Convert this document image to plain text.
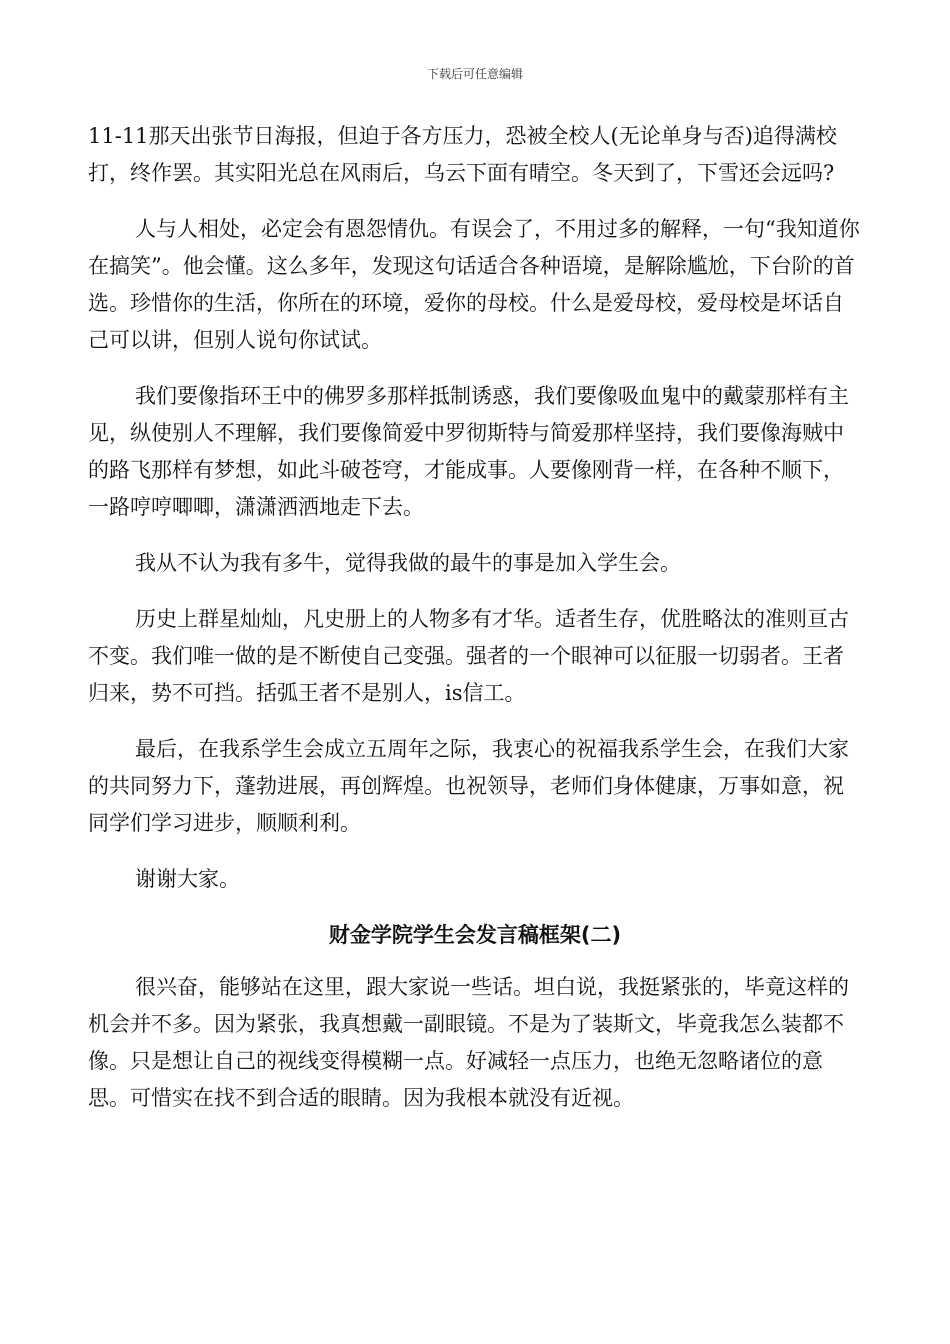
下载后可任意编辑

11-11那天出张节日海报，但迫于各方压力，恐被全校人(无论单身与否)追得满校打，终作罢。其实阳光总在风雨后，乌云下面有晴空。冬天到了，下雪还会远吗?

人与人相处，必定会有恩怨情仇。有误会了，不用过多的解释，一句“我知道你在搞笑”。他会懂。这么多年，发现这句话适合各种语境，是解除尴尬，下台阶的首选。珍惜你的生活，你所在的环境，爱你的母校。什么是爱母校，爱母校是坏话自己可以讲，但别人说句你试试。

我们要像指环王中的佛罗多那样抵制诱惑，我们要像吸血鬼中的戴蒙那样有主见，纵使别人不理解，我们要像简爱中罗彻斯特与简爱那样坚持，我们要像海贼中的路飞那样有梦想，如此斗破苍穹，才能成事。人要像刚背一样，在各种不顺下，一路哼哼唧唧，潇潇洒洒地走下去。

我从不认为我有多牛，觉得我做的最牛的事是加入学生会。

历史上群星灿灿，凡史册上的人物多有才华。适者生存，优胜略汰的准则亘古不变。我们唯一做的是不断使自己变强。强者的一个眼神可以征服一切弱者。王者归来，势不可挡。括弧王者不是别人，is信工。

最后，在我系学生会成立五周年之际，我衷心的祝福我系学生会，在我们大家的共同努力下，蓬勃进展，再创辉煌。也祝领导，老师们身体健康，万事如意，祝同学们学习进步，顺顺利利。

谢谢大家。

财金学院学生会发言稿框架(二)

很兴奋，能够站在这里，跟大家说一些话。坦白说，我挺紧张的，毕竟这样的机会并不多。因为紧张，我真想戴一副眼镜。不是为了装斯文，毕竟我怎么装都不像。只是想让自己的视线变得模糊一点。好减轻一点压力，也绝无忽略诸位的意思。可惜实在找不到合适的眼睛。因为我根本就没有近视。
